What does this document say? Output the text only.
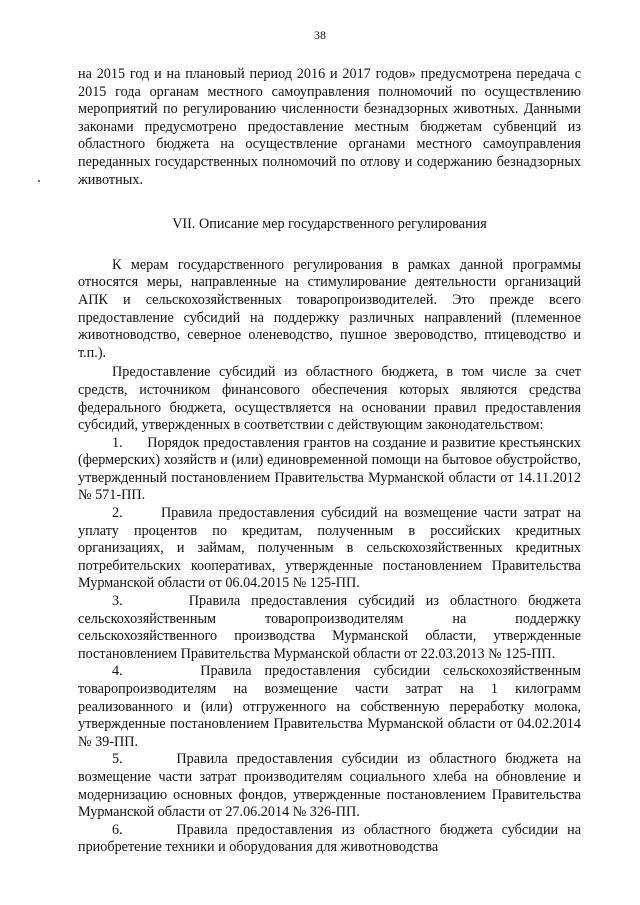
38

на 2015 год и на плановый период 2016 и 2017 годов» предусмотрена передача с 2015 года органам местного самоуправления полномочий по осуществлению мероприятий по регулированию численности безнадзорных животных. Данными законами предусмотрено предоставление местным бюджетам субвенций из областного бюджета на осуществление органами местного самоуправления переданных государственных полномочий по отлову и содержанию безнадзорных животных.

VII. Описание мер государственного регулирования

К мерам государственного регулирования в рамках данной программы относятся меры, направленные на стимулирование деятельности организаций АПК и сельскохозяйственных товаропроизводителей. Это прежде всего предоставление субсидий на поддержку различных направлений (племенное животноводство, северное оленеводство, пушное звероводство, птицеводство и т.п.).

Предоставление субсидий из областного бюджета, в том числе за счет средств, источником финансового обеспечения которых являются средства федерального бюджета, осуществляется на основании правил предоставления субсидий, утвержденных в соответствии с действующим законодательством:

1.      Порядок предоставления грантов на создание и развитие крестьянских (фермерских) хозяйств и (или) единовременной помощи на бытовое обустройство, утвержденный постановлением Правительства Мурманской области от 14.11.2012 № 571-ПП.

2.      Правила предоставления субсидий на возмещение части затрат на уплату процентов по кредитам, полученным в российских кредитных организациях, и займам, полученным в сельскохозяйственных кредитных потребительских кооперативах, утвержденные постановлением Правительства Мурманской области от 06.04.2015 № 125-ПП.

3.      Правила предоставления субсидий из областного бюджета сельскохозяйственным товаропроизводителям на поддержку сельскохозяйственного производства Мурманской области, утвержденные постановлением Правительства Мурманской области от 22.03.2013 № 125-ПП.

4.      Правила предоставления субсидии сельскохозяйственным товаропроизводителям на возмещение части затрат на 1 килограмм реализованного и (или) отгруженного на собственную переработку молока, утвержденные постановлением Правительства Мурманской области от 04.02.2014 № 39-ПП.

5.      Правила предоставления субсидии из областного бюджета на возмещение части затрат производителям социального хлеба на обновление и модернизацию основных фондов, утвержденные постановлением Правительства Мурманской области от 27.06.2014 № 326-ПП.

6.      Правила предоставления из областного бюджета субсидии на приобретение техники и оборудования для животноводства
